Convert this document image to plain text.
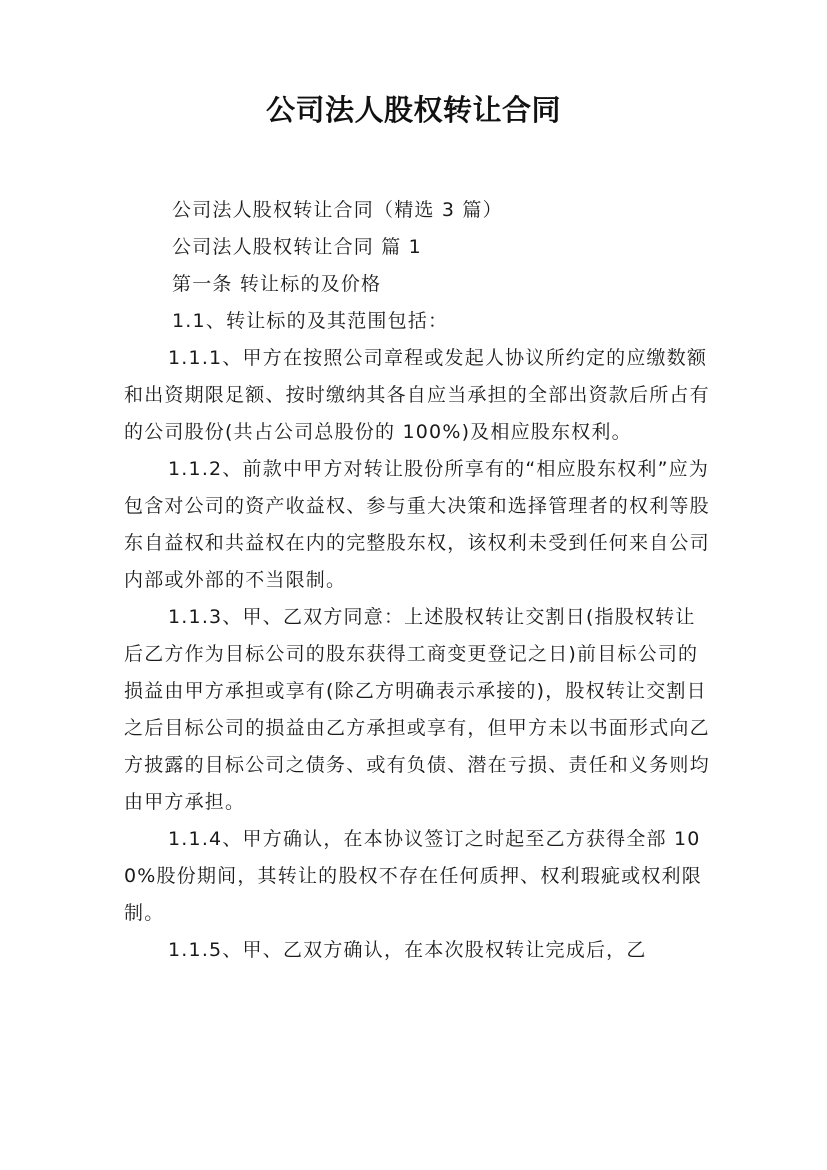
公司法人股权转让合同

公司法人股权转让合同（精选 3 篇）

公司法人股权转让合同 篇 1

第一条 转让标的及价格

1.1、转让标的及其范围包括：

1.1.1、甲方在按照公司章程或发起人协议所约定的应缴数额和出资期限足额、按时缴纳其各自应当承担的全部出资款后所占有的公司股份(共占公司总股份的 100%)及相应股东权利。

1.1.2、前款中甲方对转让股份所享有的“相应股东权利”应为包含对公司的资产收益权、参与重大决策和选择管理者的权利等股东自益权和共益权在内的完整股东权，该权利未受到任何来自公司内部或外部的不当限制。

1.1.3、甲、乙双方同意：上述股权转让交割日(指股权转让后乙方作为目标公司的股东获得工商变更登记之日)前目标公司的损益由甲方承担或享有(除乙方明确表示承接的)，股权转让交割日之后目标公司的损益由乙方承担或享有，但甲方未以书面形式向乙方披露的目标公司之债务、或有负债、潜在亏损、责任和义务则均由甲方承担。

1.1.4、甲方确认，在本协议签订之时起至乙方获得全部 100%股份期间，其转让的股权不存在任何质押、权利瑕疵或权利限制。

1.1.5、甲、乙双方确认，在本次股权转让完成后，乙
